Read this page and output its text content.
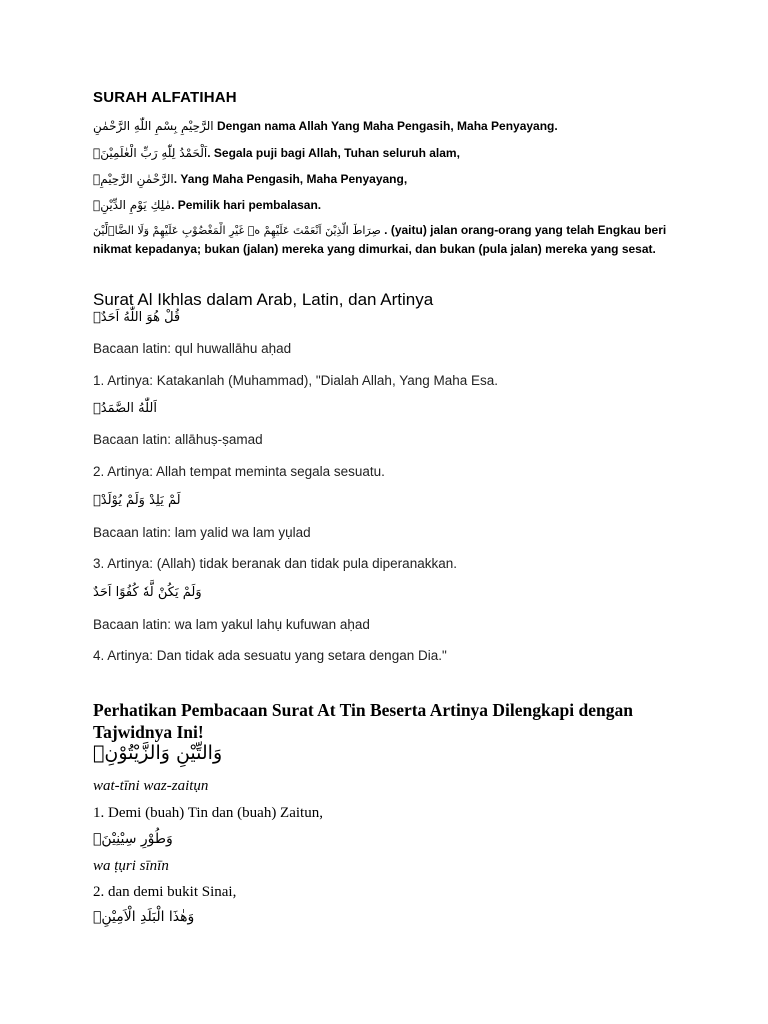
SURAH ALFATIHAH
الرَّحِيْمِ بِسْمِ اللّٰهِ الرَّحْمٰنِ Dengan nama Allah Yang Maha Pengasih, Maha Penyayang.
اَلْحَمْدُ لِلّٰهِ رَبِّ الْعٰلَمِيْنَۙ. Segala puji bagi Allah, Tuhan seluruh alam,
الرَّحْمٰنِ الرَّحِيْمِۙ. Yang Maha Pengasih, Maha Penyayang,
مٰلِكِ يَوْمِ الدِّيْنِۗ. Pemilik hari pembalasan.
صِرَاطَ الَّذِيْنَ اَنْعَمْتَ عَلَيْهِمْ ەۙ غَيْرِ الْمَغْضُوْبِ عَلَيْهِمْ وَلَا الضَّاۤلِّيْنَ . (yaitu) jalan orang-orang yang telah Engkau beri
nikmat kepadanya; bukan (jalan) mereka yang dimurkai, dan bukan (pula jalan) mereka yang sesat.
Surat Al Ikhlas dalam Arab, Latin, dan Artinya
قُلْ هُوَ اللّٰهُ اَحَدٌۚ
Bacaan latin: qul huwallāhu aḥad
1. Artinya: Katakanlah (Muhammad), "Dialah Allah, Yang Maha Esa.
اَللّٰهُ الصَّمَدُۚ
Bacaan latin: allāhuṣ-ṣamad
2. Artinya: Allah tempat meminta segala sesuatu.
لَمْ يَلِدْ وَلَمْ يُوْلَدْۙ
Bacaan latin: lam yalid wa lam yụlad
3. Artinya: (Allah) tidak beranak dan tidak pula diperanakkan.
وَلَمْ يَكُنْ لَّهٗ كُفُوًا اَحَدٌ
Bacaan latin: wa lam yakul lahụ kufuwan aḥad
4. Artinya: Dan tidak ada sesuatu yang setara dengan Dia."
Perhatikan Pembacaan Surat At Tin Beserta Artinya Dilengkapi dengan Tajwidnya Ini!
وَالتِّيْنِ وَالزَّيْتُوْنِۙ
wat-tīni waz-zaitụn
1. Demi (buah) Tin dan (buah) Zaitun,
وَطُوْرِ سِيْنِيْنَۙ
wa ṭụri sīnīn
2. dan demi bukit Sinai,
وَهٰذَا الْبَلَدِ الْاَمِيْنِۙ
